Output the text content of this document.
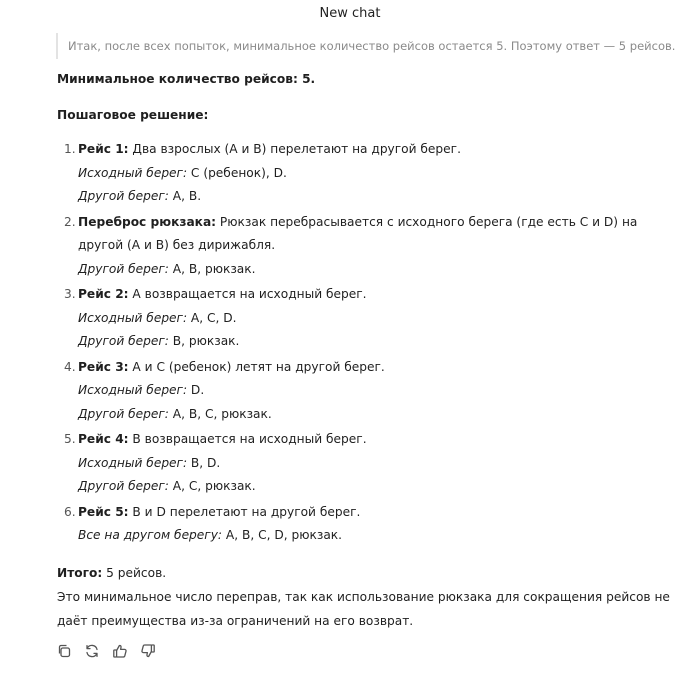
New chat
Итак, после всех попыток, минимальное количество рейсов остается 5. Поэтому ответ — 5 рейсов.
Минимальное количество рейсов: 5.
Пошаговое решение:
1. Рейс 1: Два взрослых (A и B) перелетают на другой берег.
Исходный берег: C (ребенок), D.
Другой берег: A, B.
2. Переброс рюкзака: Рюкзак перебрасывается с исходного берега (где есть C и D) на другой (A и B) без дирижабля.
Другой берег: A, B, рюкзак.
3. Рейс 2: A возвращается на исходный берег.
Исходный берег: A, C, D.
Другой берег: B, рюкзак.
4. Рейс 3: A и C (ребенок) летят на другой берег.
Исходный берег: D.
Другой берег: A, B, C, рюкзак.
5. Рейс 4: B возвращается на исходный берег.
Исходный берег: B, D.
Другой берег: A, C, рюкзак.
6. Рейс 5: B и D перелетают на другой берег.
Все на другом берегу: A, B, C, D, рюкзак.
Итого: 5 рейсов.
Это минимальное число переправ, так как использование рюкзака для сокращения рейсов не даёт преимущества из-за ограничений на его возврат.
